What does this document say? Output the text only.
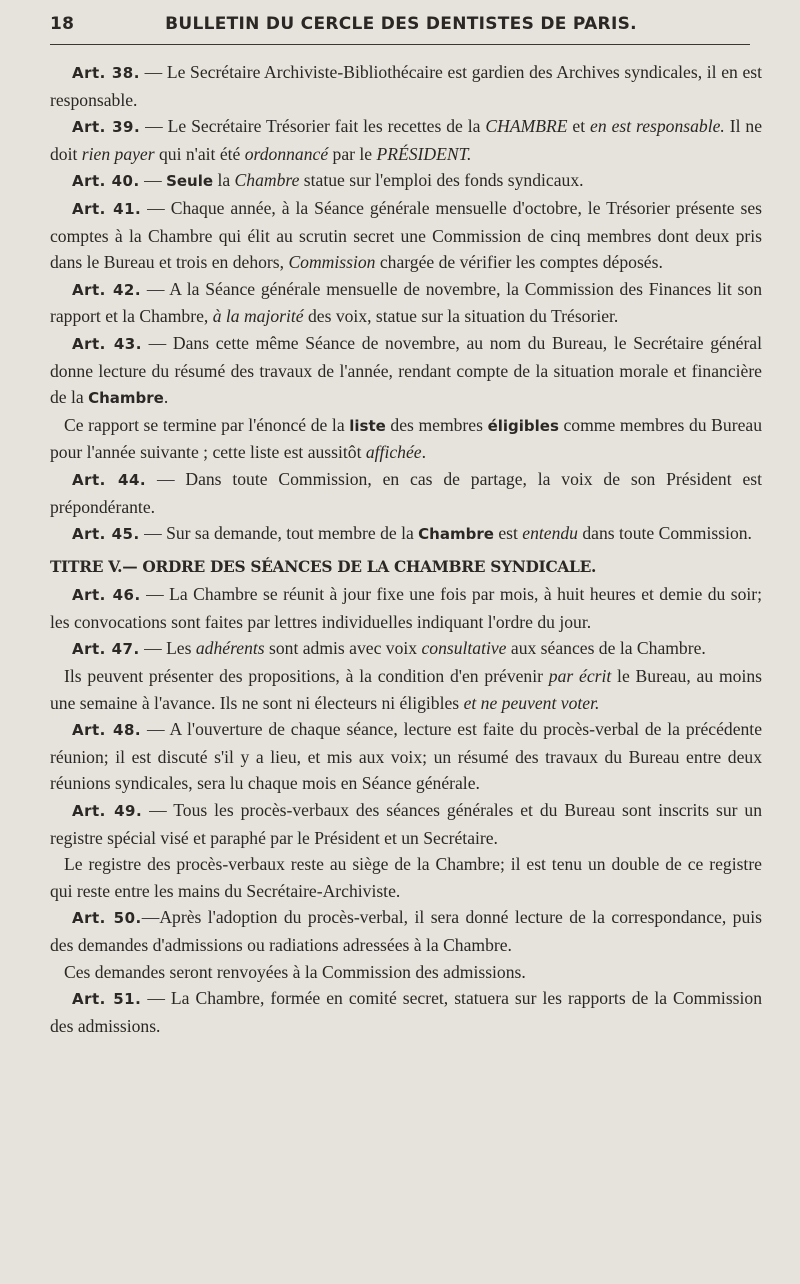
18	BULLETIN DU CERCLE DES DENTISTES DE PARIS.

Art. 38. — Le Secrétaire Archiviste-Bibliothécaire est gardien des Archives syndicales, il en est responsable.

Art. 39. — Le Secrétaire Trésorier fait les recettes de la CHAMBRE et en est responsable. Il ne doit rien payer qui n'ait été ordonnancé par le PRÉSIDENT.

Art. 40. — Seule la Chambre statue sur l'emploi des fonds syndicaux.

Art. 41. — Chaque année, à la Séance générale mensuelle d'octobre, le Trésorier présente ses comptes à la Chambre qui élit au scrutin secret une Commission de cinq membres dont deux pris dans le Bureau et trois en dehors, Commission chargée de vérifier les comptes déposés.

Art. 42. — A la Séance générale mensuelle de novembre, la Commission des Finances lit son rapport et la Chambre, à la majorité des voix, statue sur la situation du Trésorier.

Art. 43. — Dans cette même Séance de novembre, au nom du Bureau, le Secrétaire général donne lecture du résumé des travaux de l'année, rendant compte de la situation morale et financière de la Chambre.

Ce rapport se termine par l'énoncé de la liste des membres éligibles comme membres du Bureau pour l'année suivante ; cette liste est aussitôt affichée.

Art. 44. — Dans toute Commission, en cas de partage, la voix de son Président est prépondérante.

Art. 45. — Sur sa demande, tout membre de la Chambre est entendu dans toute Commission.

TITRE V.— ORDRE DES SÉANCES DE LA CHAMBRE SYNDICALE.

Art. 46. — La Chambre se réunit à jour fixe une fois par mois, à huit heures et demie du soir; les convocations sont faites par lettres individuelles indiquant l'ordre du jour.

Art. 47. — Les adhérents sont admis avec voix consultative aux séances de la Chambre.

Ils peuvent présenter des propositions, à la condition d'en prévenir par écrit le Bureau, au moins une semaine à l'avance. Ils ne sont ni électeurs ni éligibles et ne peuvent voter.

Art. 48. — A l'ouverture de chaque séance, lecture est faite du procès-verbal de la précédente réunion; il est discuté s'il y a lieu, et mis aux voix; un résumé des travaux du Bureau entre deux réunions syndicales, sera lu chaque mois en Séance générale.

Art. 49. — Tous les procès-verbaux des séances générales et du Bureau sont inscrits sur un registre spécial visé et paraphé par le Président et un Secrétaire.

Le registre des procès-verbaux reste au siège de la Chambre; il est tenu un double de ce registre qui reste entre les mains du Secrétaire-Archiviste.

Art. 50.—Après l'adoption du procès-verbal, il sera donné lecture de la correspondance, puis des demandes d'admissions ou radiations adressées à la Chambre.

Ces demandes seront renvoyées à la Commission des admissions.

Art. 51. — La Chambre, formée en comité secret, statuera sur les rapports de la Commission des admissions.
